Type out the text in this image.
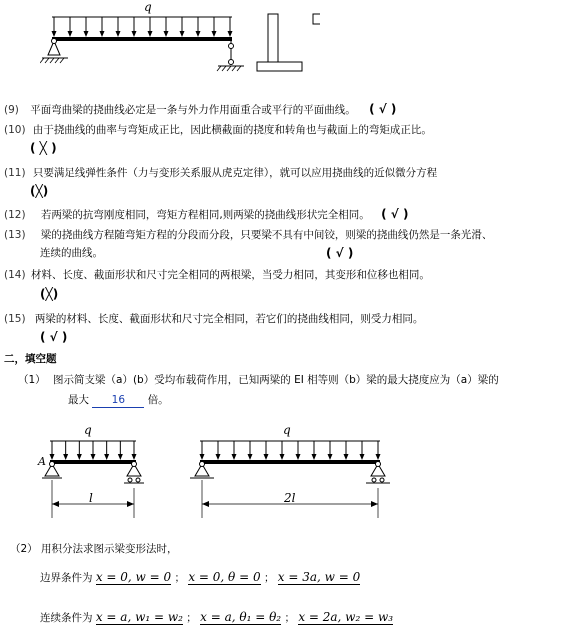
q
(9) 平面弯曲梁的挠曲线必定是一条与外力作用面重合或平行的平面曲线。 ( √ )
(10) 由于挠曲线的曲率与弯矩成正比，因此横截面的挠度和转角也与截面上的弯矩成正比。
( ╳ )
(11) 只要满足线弹性条件（力与变形关系服从虎克定律），就可以应用挠曲线的近似微分方程
(╳)
(12) 若两梁的抗弯刚度相同，弯矩方程相同,则两梁的挠曲线形状完全相同。 ( √ )
(13) 梁的挠曲线方程随弯矩方程的分段而分段，只要梁不具有中间铰，则梁的挠曲线仍然是一条光滑、
连续的曲线。	( √ )
(14) 材料、长度、截面形状和尺寸完全相同的两根梁，当受力相同，其变形和位移也相同。
(╳)
(15) 两梁的材料、长度、截面形状和尺寸完全相同，若它们的挠曲线相同，则受力相同。
( √ )
二，填空题
（1） 图示简支梁（a）(b）受均布载荷作用，已知两梁的 EI 相等则（b）梁的最大挠度应为（a）梁的
最大 16 倍。
q
A
l
q
2l
（2） 用积分法求图示梁变形法时，
边界条件为 x = 0, w = 0 ； x = 0, θ = 0 ； x = 3a, w = 0
连续条件为 x = a, w₁ = w₂ ； x = a, θ₁ = θ₂ ； x = 2a, w₂ = w₃
